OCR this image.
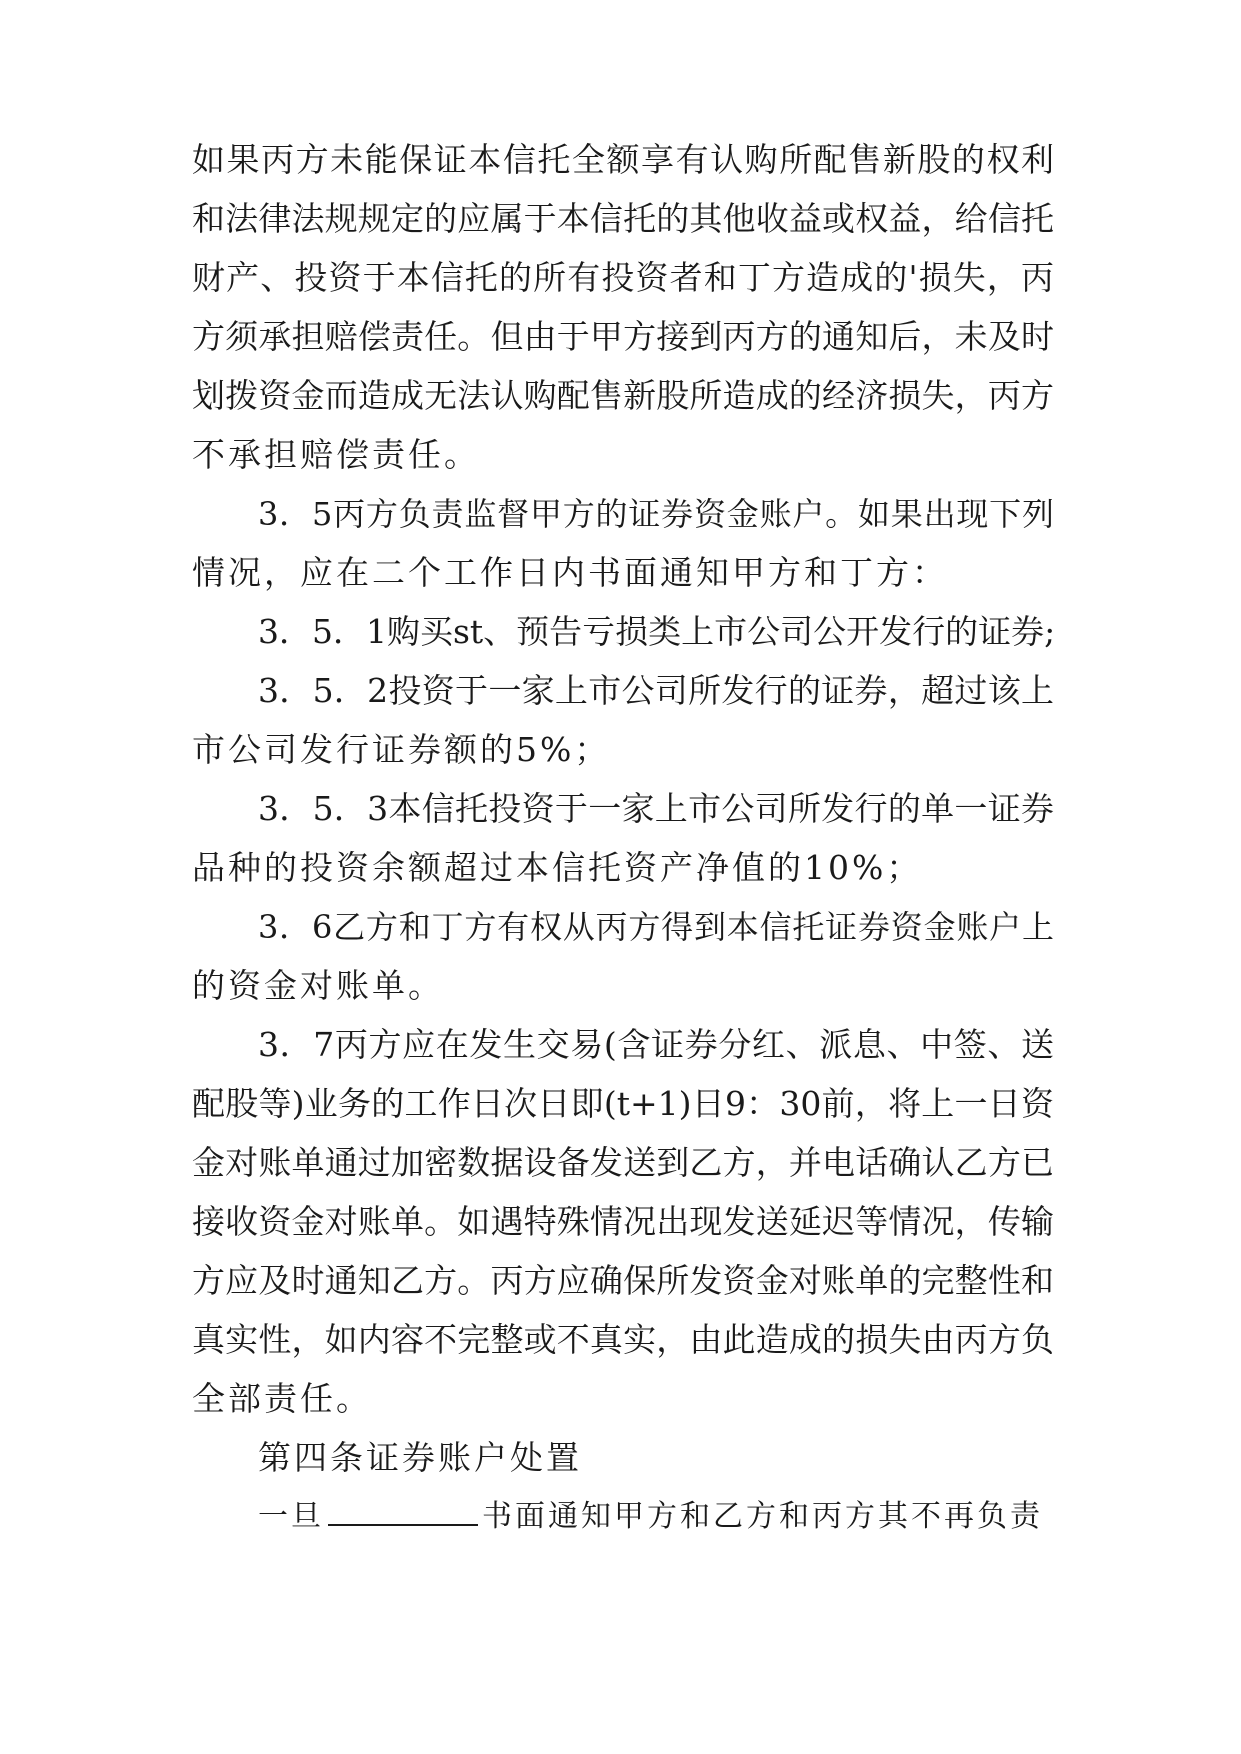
如果丙方未能保证本信托全额享有认购所配售新股的权利
和法律法规规定的应属于本信托的其他收益或权益，给信托
财产、投资于本信托的所有投资者和丁方造成的'损失，丙
方须承担赔偿责任。但由于甲方接到丙方的通知后，未及时
划拨资金而造成无法认购配售新股所造成的经济损失，丙方
不承担赔偿责任。
3．5丙方负责监督甲方的证券资金账户。如果出现下列
情况，应在二个工作日内书面通知甲方和丁方：
3．5．1购买st、预告亏损类上市公司公开发行的证券;
3．5．2投资于一家上市公司所发行的证券，超过该上
市公司发行证券额的5%；
3．5．3本信托投资于一家上市公司所发行的单一证券
品种的投资余额超过本信托资产净值的10%；
3．6乙方和丁方有权从丙方得到本信托证券资金账户上
的资金对账单。
3．7丙方应在发生交易(含证券分红、派息、中签、送
配股等)业务的工作日次日即(t+1)日9：30前，将上一日资
金对账单通过加密数据设备发送到乙方，并电话确认乙方已
接收资金对账单。如遇特殊情况出现发送延迟等情况，传输
方应及时通知乙方。丙方应确保所发资金对账单的完整性和
真实性，如内容不完整或不真实，由此造成的损失由丙方负
全部责任。
第四条证券账户处置
一旦	书面通知甲方和乙方和丙方其不再负责
